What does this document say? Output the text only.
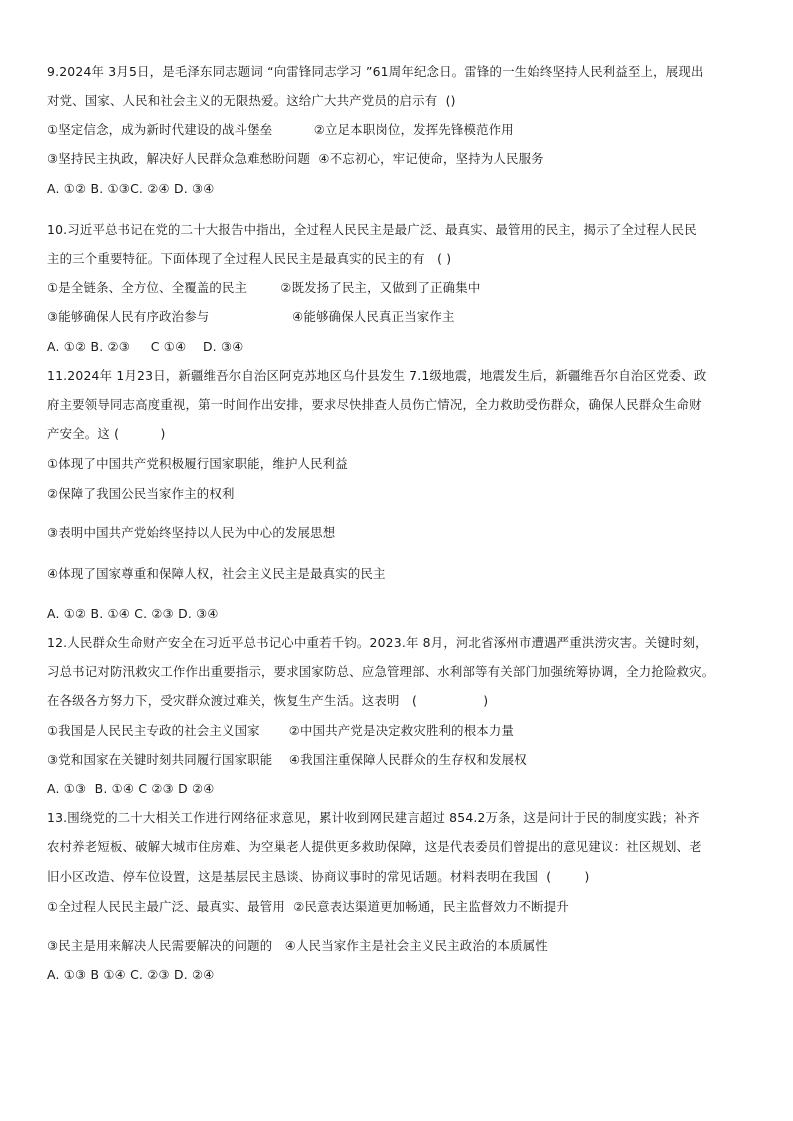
9.2024年 3月5日，是毛泽东同志题词 “向雷锋同志学习 ”61周年纪念日。雷锋的一生始终坚持人民利益至上，展现出
对党、国家、人民和社会主义的无限热爱。这给广大共产党员的启示有  ()
①坚定信念，成为新时代建设的战斗堡垒          ②立足本职岗位，发挥先锋模范作用
③坚持民主执政，解决好人民群众急难愁盼问题  ④不忘初心，牢记使命，坚持为人民服务
A. ①② B. ①③C. ②④ D. ③④
10.习近平总书记在党的二十大报告中指出，全过程人民民主是最广泛、最真实、最管用的民主，揭示了全过程人民民
主的三个重要特征。下面体现了全过程人民民主是最真实的民主的有   ( )
①是全链条、全方位、全覆盖的民主        ②既发扬了民主，又做到了正确集中
③能够确保人民有序政治参与                    ④能够确保人民真正当家作主
A. ①② B. ②③     C ①④    D. ③④
11.2024年 1月23日，新疆维吾尔自治区阿克苏地区乌什县发生 7.1级地震，地震发生后，新疆维吾尔自治区党委、政
府主要领导同志高度重视，第一时间作出安排，要求尽快排查人员伤亡情况，全力救助受伤群众，确保人民群众生命财
产安全。这 (          )
①体现了中国共产党积极履行国家职能，维护人民利益
②保障了我国公民当家作主的权利
③表明中国共产党始终坚持以人民为中心的发展思想
④体现了国家尊重和保障人权，社会主义民主是最真实的民主
A. ①② B. ①④ C. ②③ D. ③④
12.人民群众生命财产安全在习近平总书记心中重若千钧。2023.年 8月，河北省涿州市遭遇严重洪涝灾害。关键时刻，
习总书记对防汛救灾工作作出重要指示，要求国家防总、应急管理部、水利部等有关部门加强统筹协调，全力抢险救灾。
在各级各方努力下，受灾群众渡过难关，恢复生产生活。这表明   (                )
①我国是人民民主专政的社会主义国家       ②中国共产党是决定救灾胜利的根本力量
③党和国家在关键时刻共同履行国家职能    ④我国注重保障人民群众的生存权和发展权
A. ①③  B. ①④ C ②③ D ②④
13.围绕党的二十大相关工作进行网络征求意见，累计收到网民建言超过 854.2万条，这是问计于民的制度实践；补齐
农村养老短板、破解大城市住房难、为空巢老人提供更多救助保障，这是代表委员们曾提出的意见建议：社区规划、老
旧小区改造、停车位设置，这是基层民主恳谈、协商议事时的常见话题。材料表明在我国  (        )
①全过程人民民主最广泛、最真实、最管用  ②民意表达渠道更加畅通，民主监督效力不断提升
③民主是用来解决人民需要解决的问题的   ④人民当家作主是社会主义民主政治的本质属性
A. ①③ B ①④ C. ②③ D. ②④
